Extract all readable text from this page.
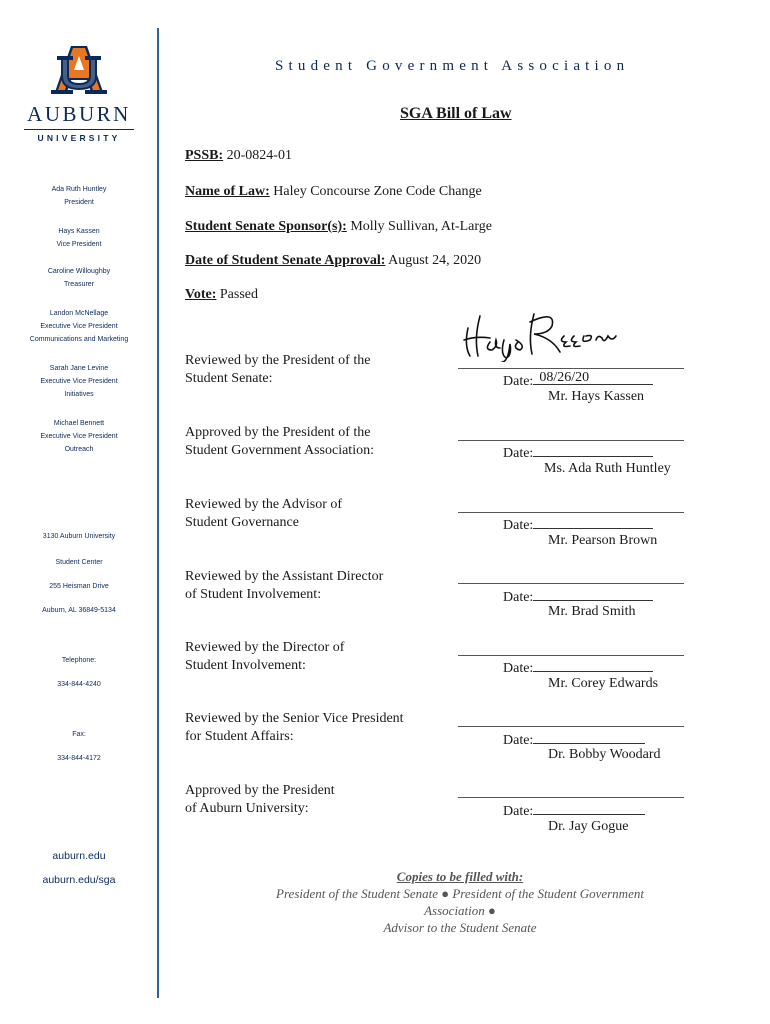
AUBURN
UNIVERSITY
Ada Ruth Huntley
President
Hays Kassen
Vice President
Caroline Willoughby
Treasurer
Landon McNellage
Executive Vice President
Communications and Marketing
Sarah Jane Levine
Executive Vice President
Initiatives
Michael Bennett
Executive Vice President
Outreach
3130 Auburn University
Student Center
255 Heisman Drive
Auburn, AL 36849-5134
Telephone:
334-844-4240
Fax:
334-844-4172
auburn.edu
auburn.edu/sga
Student Government Association
SGA Bill of Law
PSSB: 20-0824-01
Name of Law: Haley Concourse Zone Code Change
Student Senate Sponsor(s): Molly Sullivan, At-Large
Date of Student Senate Approval: August 24, 2020
Vote: Passed
Reviewed by the President of the
Student Senate:	Date: 08/26/20
Mr. Hays Kassen
Approved by the President of the
Student Government Association:	Date:
Ms. Ada Ruth Huntley
Reviewed by the Advisor of
Student Governance	Date:
Mr. Pearson Brown
Reviewed by the Assistant Director
of Student Involvement:	Date:
Mr. Brad Smith
Reviewed by the Director of
Student Involvement:	Date:
Mr. Corey Edwards
Reviewed by the Senior Vice President
for Student Affairs:	Date:
Dr. Bobby Woodard
Approved by the President
of Auburn University:	Date:
Dr. Jay Gogue
Copies to be filled with:
President of the Student Senate ● President of the Student Government
Association ●
Advisor to the Student Senate
